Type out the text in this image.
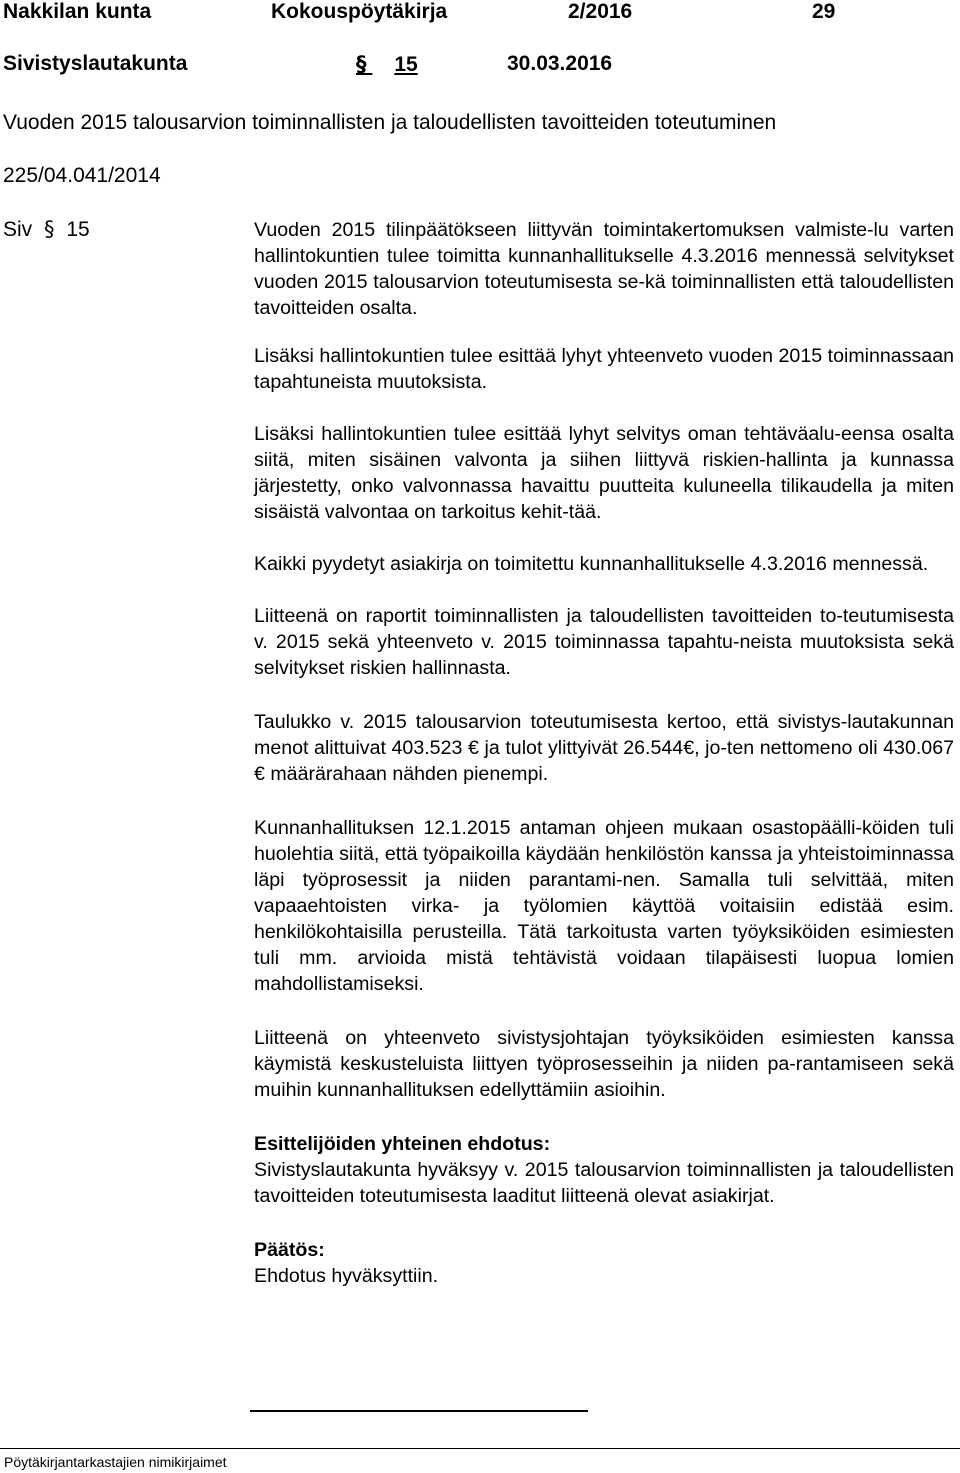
Nakkilan kunta	Kokouspöytäkirja	2/2016	29
Sivistyslautakunta	§ 15	30.03.2016
Vuoden 2015 talousarvion toiminnallisten ja taloudellisten tavoitteiden toteutuminen
225/04.041/2014
Siv § 15	Vuoden 2015 tilinpäätökseen liittyvän toimintakertomuksen valmiste-lu varten hallintokuntien tulee toimitta kunnanhallitukselle 4.3.2016 mennessä selvitykset vuoden 2015 talousarvion toteutumisesta se-kä toiminnallisten että taloudellisten tavoitteiden osalta.

Lisäksi hallintokuntien tulee esittää lyhyt yhteenveto vuoden 2015 toiminnassaan tapahtuneista muutoksista.

Lisäksi hallintokuntien tulee esittää lyhyt selvitys oman tehtäväalu-eensa osalta siitä, miten sisäinen valvonta ja siihen liittyvä riskien-hallinta ja kunnassa järjestetty, onko valvonnassa havaittu puutteita kuluneella tilikaudella ja miten sisäistä valvontaa on tarkoitus kehit-tää.

Kaikki pyydetyt asiakirja on toimitettu kunnanhallitukselle 4.3.2016 mennessä.

Liitteenä on raportit toiminnallisten ja taloudellisten tavoitteiden to-teutumisesta v. 2015 sekä yhteenveto v. 2015 toiminnassa tapahtu-neista muutoksista sekä selvitykset riskien hallinnasta.

Taulukko v. 2015 talousarvion toteutumisesta kertoo, että sivistys-lautakunnan menot alittuivat 403.523 € ja tulot ylittyivät 26.544€, jo-ten nettomeno oli 430.067 € määrärahaan nähden pienempi.

Kunnanhallituksen 12.1.2015 antaman ohjeen mukaan osastopäälli-köiden tuli huolehtia siitä, että työpaikoilla käydään henkilöstön kanssa ja yhteistoiminnassa läpi työprosessit ja niiden parantami-nen. Samalla tuli selvittää, miten vapaaehtoisten virka- ja työlomien käyttöä voitaisiin edistää esim. henkilökohtaisilla perusteilla. Tätä tarkoitusta varten työyksiköiden esimiesten tuli mm. arvioida mistä tehtävistä voidaan tilapäisesti luopua lomien mahdollistamiseksi.

Liitteenä on yhteenveto sivistysjohtajan työyksiköiden esimiesten kanssa käymistä keskusteluista liittyen työprosesseihin ja niiden pa-rantamiseen sekä muihin kunnanhallituksen edellyttämiin asioihin.

Esittelijöiden yhteinen ehdotus:

Sivistyslautakunta hyväksyy v. 2015 talousarvion toiminnallisten ja taloudellisten tavoitteiden toteutumisesta laaditut liitteenä olevat asiakirjat.

Päätös:

Ehdotus hyväksyttiin.

Pöytäkirjantarkastajien nimikirjaimet
